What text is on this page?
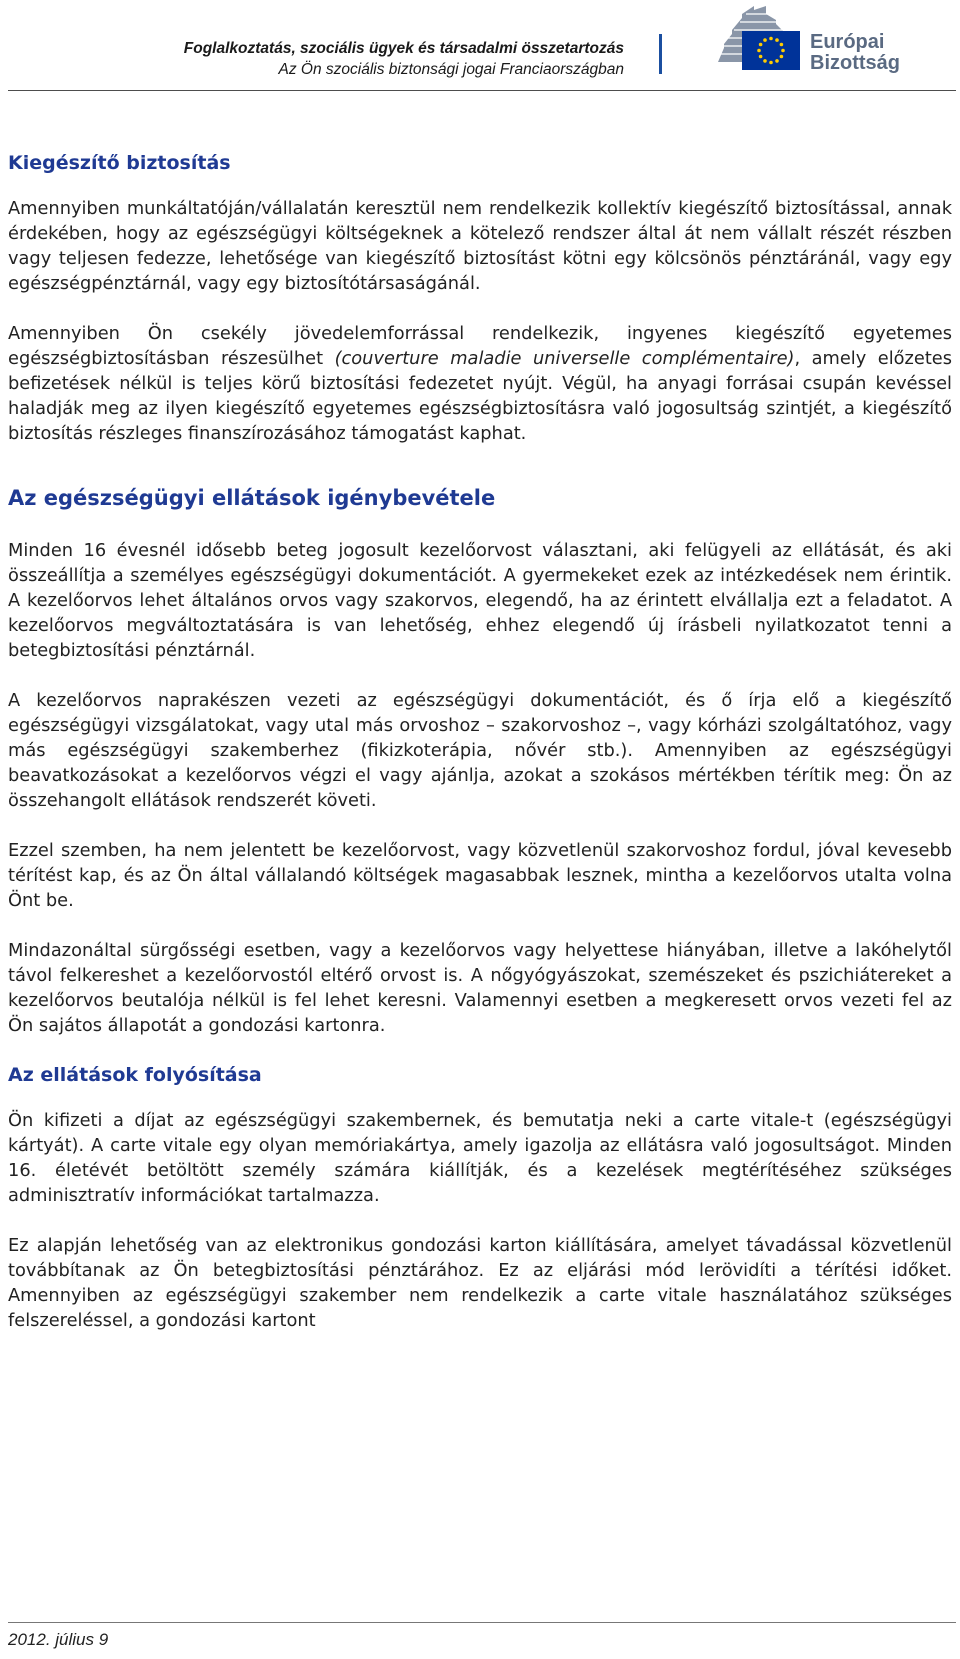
Foglalkoztatás, szociális ügyek és társadalmi összetartozás
Az Ön szociális biztonsági jogai Franciaországban
Európai
Bizottság
Kiegészítő biztosítás

Amennyiben munkáltatóján/vállalatán keresztül nem rendelkezik kollektív kiegészítő biztosítással, annak érdekében, hogy az egészségügyi költségeknek a kötelező rendszer által át nem vállalt részét részben vagy teljesen fedezze, lehetősége van kiegészítő biztosítást kötni egy kölcsönös pénztáránál, vagy egy egészségpénztárnál, vagy egy biztosítótársaságánál.

Amennyiben Ön csekély jövedelemforrással rendelkezik, ingyenes kiegészítő egyetemes egészségbiztosításban részesülhet (couverture maladie universelle complémentaire), amely előzetes befizetések nélkül is teljes körű biztosítási fedezetet nyújt. Végül, ha anyagi forrásai csupán kevéssel haladják meg az ilyen kiegészítő egyetemes egészségbiztosításra való jogosultság szintjét, a kiegészítő biztosítás részleges finanszírozásához támogatást kaphat.

Az egészségügyi ellátások igénybevétele

Minden 16 évesnél idősebb beteg jogosult kezelőorvost választani, aki felügyeli az ellátását, és aki összeállítja a személyes egészségügyi dokumentációt. A gyermekeket ezek az intézkedések nem érintik. A kezelőorvos lehet általános orvos vagy szakorvos, elegendő, ha az érintett elvállalja ezt a feladatot. A kezelőorvos megváltoztatására is van lehetőség, ehhez elegendő új írásbeli nyilatkozatot tenni a betegbiztosítási pénztárnál.

A kezelőorvos naprakészen vezeti az egészségügyi dokumentációt, és ő írja elő a kiegészítő egészségügyi vizsgálatokat, vagy utal más orvoshoz – szakorvoshoz –, vagy kórházi szolgáltatóhoz, vagy más egészségügyi szakemberhez (fikizkoterápia, nővér stb.). Amennyiben az egészségügyi beavatkozásokat a kezelőorvos végzi el vagy ajánlja, azokat a szokásos mértékben térítik meg: Ön az összehangolt ellátások rendszerét követi.

Ezzel szemben, ha nem jelentett be kezelőorvost, vagy közvetlenül szakorvoshoz fordul, jóval kevesebb térítést kap, és az Ön által vállalandó költségek magasabbak lesznek, mintha a kezelőorvos utalta volna Önt be.

Mindazonáltal sürgősségi esetben, vagy a kezelőorvos vagy helyettese hiányában, illetve a lakóhelytől távol felkereshet a kezelőorvostól eltérő orvost is. A nőgyógyászokat, szemészeket és pszichiátereket a kezelőorvos beutalója nélkül is fel lehet keresni. Valamennyi esetben a megkeresett orvos vezeti fel az Ön sajátos állapotát a gondozási kartonra.

Az ellátások folyósítása

Ön kifizeti a díjat az egészségügyi szakembernek, és bemutatja neki a carte vitale-t (egészségügyi kártyát). A carte vitale egy olyan memóriakártya, amely igazolja az ellátásra való jogosultságot. Minden 16. életévét betöltött személy számára kiállítják, és a kezelések megtérítéséhez szükséges adminisztratív információkat tartalmazza.

Ez alapján lehetőség van az elektronikus gondozási karton kiállítására, amelyet távadással közvetlenül továbbítanak az Ön betegbiztosítási pénztárához. Ez az eljárási mód lerövidíti a térítési időket. Amennyiben az egészségügyi szakember nem rendelkezik a carte vitale használatához szükséges felszereléssel, a gondozási kartont

2012. július 9
